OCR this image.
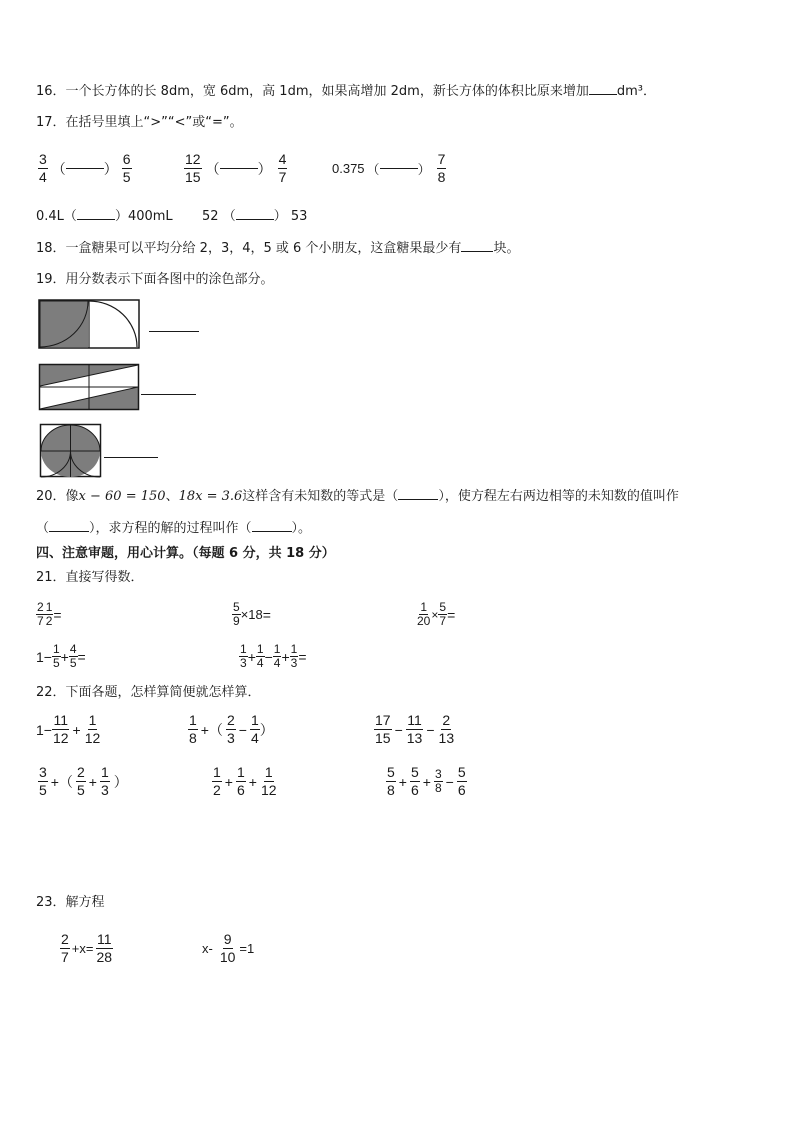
16．一个长方体的长 8dm，宽 6dm，高 1dm，如果高增加 2dm，新长方体的体积比原来增加 dm³．
17．在括号里填上“>”“<”或“=”。
$\frac{3}{4}$ （	） $\frac{6}{5}$	$\frac{12}{15}$ （	） $\frac{4}{7}$	0.375 （	） $\frac{7}{8}$
0.4L（	）400mL 52 （	） 53
18．一盒糖果可以平均分给 2，3，4，5 或 6 个小朋友，这盒糖果最少有 块。
19．用分数表示下面各图中的涂色部分。
20．像x − 60 = 150、18x = 3.6这样含有未知数的等式是（	），使方程左右两边相等的未知数的值叫作
（	），求方程的解的过程叫作（	）。
四、注意审题，用心计算。（每题 6 分，共 18 分）
21．直接写得数．
$\frac{2}{7} \frac{1}{2}$ =	$\frac{5}{9} \times 18$ =	$\frac{1}{20} \times \frac{5}{7}$ =
$1- \frac{1}{5} + \frac{4}{5}$ =	$\frac{1}{3} + \frac{1}{4} - \frac{1}{4} + \frac{1}{3}$ =
22．下面各题，怎样算简便就怎样算．
$1- \frac{11}{12} + \frac{1}{12}$	$\frac{1}{8}$ +（ $\frac{2}{3} - \frac{1}{4}$ ）	$\frac{17}{15} - \frac{11}{13} - \frac{2}{13}$
$\frac{3}{5}$ +（ $\frac{2}{5} + \frac{1}{3}$ ）	$\frac{1}{2} + \frac{1}{6} + \frac{1}{12}$	$\frac{5}{8} + \frac{5}{6} + \frac{3}{8} - \frac{5}{6}$
23．解方程
$\frac{2}{7} +x= \frac{11}{28}$	$x- \frac{9}{10} =1$
